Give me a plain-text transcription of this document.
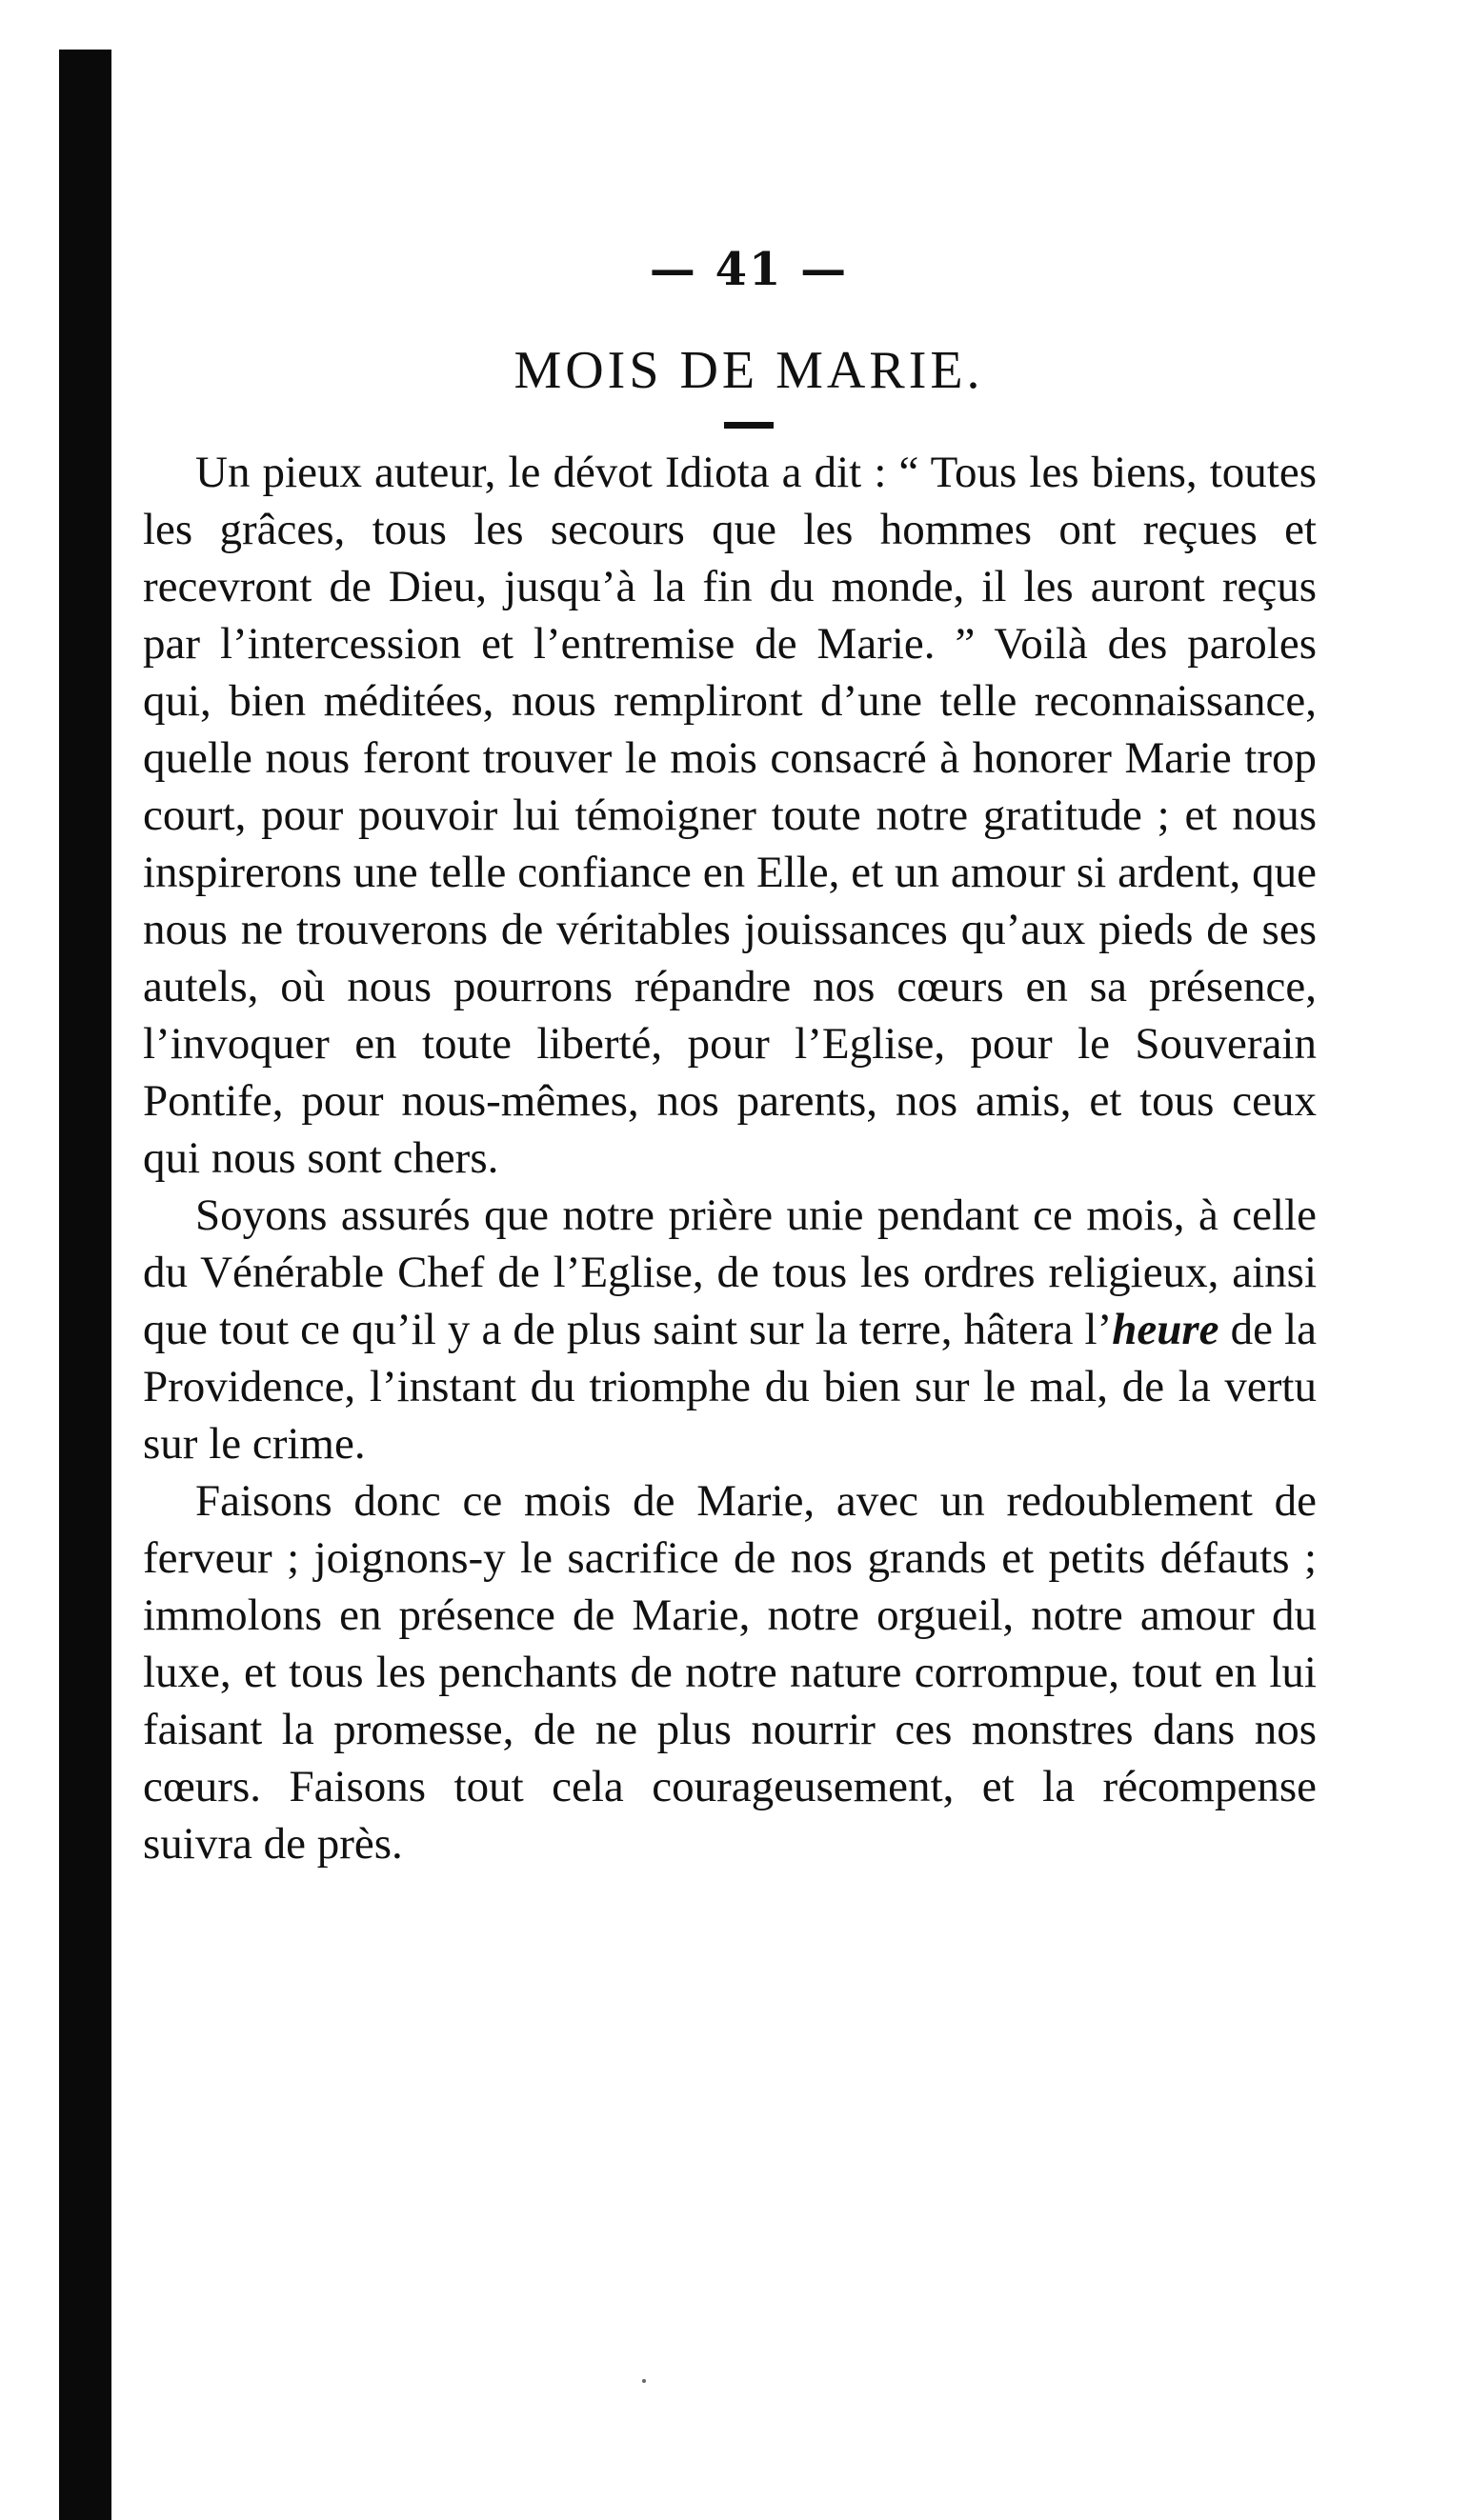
— 41 —
MOIS DE MARIE.

Un pieux auteur, le dévot Idiota a dit : “ Tous les biens, toutes les grâces, tous les secours que les hommes ont reçues et recevront de Dieu, jusqu’à la fin du monde, il les auront reçus par l’intercession et l’entremise de Marie. ” Voilà des paroles qui, bien méditées, nous rempliront d’une telle reconnaissance, quelle nous feront trouver le mois consacré à honorer Marie trop court, pour pouvoir lui témoigner toute notre gratitude ; et nous inspirerons une telle confiance en Elle, et un amour si ardent, que nous ne trouverons de véritables jouissances qu’aux pieds de ses autels, où nous pourrons répandre nos cœurs en sa présence, l’invoquer en toute liberté, pour l’Eglise, pour le Souverain Pontife, pour nous-mêmes, nos parents, nos amis, et tous ceux qui nous sont chers.

Soyons assurés que notre prière unie pendant ce mois, à celle du Vénérable Chef de l’Eglise, de tous les ordres religieux, ainsi que tout ce qu’il y a de plus saint sur la terre, hâtera l’heure de la Providence, l’instant du triomphe du bien sur le mal, de la vertu sur le crime.

Faisons donc ce mois de Marie, avec un redoublement de ferveur ; joignons-y le sacrifice de nos grands et petits défauts ; immolons en présence de Marie, notre orgueil, notre amour du luxe, et tous les penchants de notre nature corrompue, tout en lui faisant la promesse, de ne plus nourrir ces monstres dans nos cœurs. Faisons tout cela courageusement, et la récompense suivra de près.
